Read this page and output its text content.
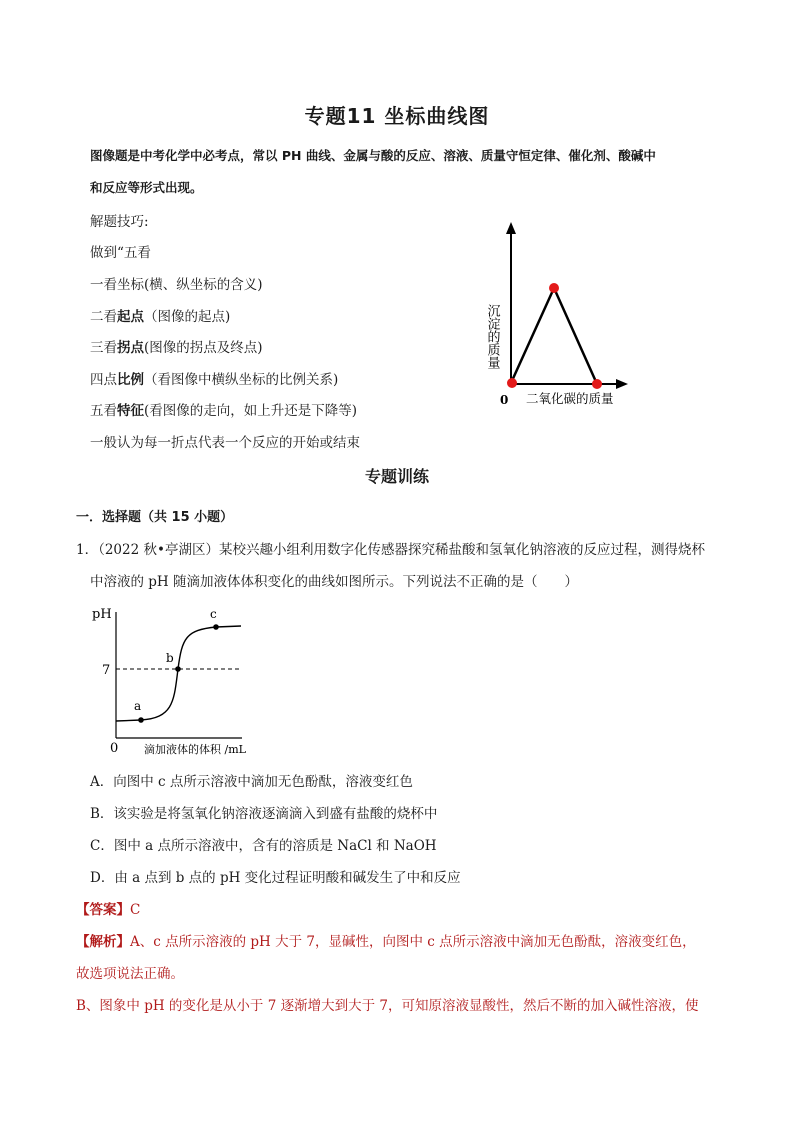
专题11 坐标曲线图
图像题是中考化学中必考点，常以 PH 曲线、金属与酸的反应、溶液、质量守恒定律、催化剂、酸碱中
和反应等形式出现。
解题技巧:
做到“五看
一看坐标(横、纵坐标的含义)
二看起点（图像的起点)
三看拐点(图像的拐点及终点)
四点比例（看图像中横纵坐标的比例关系)
五看特征(看图像的走向，如上升还是下降等)
一般认为每一折点代表一个反应的开始或结束
0 二氧化碳的质量
沉淀的质量
专题训练
一．选择题（共 15 小题）
1．（2022 秋•亭湖区）某校兴趣小组利用数字化传感器探究稀盐酸和氢氧化钠溶液的反应过程，测得烧杯
中溶液的 pH 随滴加液体体积变化的曲线如图所示。下列说法不正确的是（　　）
a
b
c
pH
7
0 滴加液体的体积 /mL
A．向图中 c 点所示溶液中滴加无色酚酞，溶液变红色
B．该实验是将氢氧化钠溶液逐滴滴入到盛有盐酸的烧杯中
C．图中 a 点所示溶液中，含有的溶质是 NaCl 和 NaOH
D．由 a 点到 b 点的 pH 变化过程证明酸和碱发生了中和反应
【答案】C
【解析】A、c 点所示溶液的 pH 大于 7，显碱性，向图中 c 点所示溶液中滴加无色酚酞，溶液变红色，
故选项说法正确。
B、图象中 pH 的变化是从小于 7 逐渐增大到大于 7，可知原溶液显酸性，然后不断的加入碱性溶液，使
